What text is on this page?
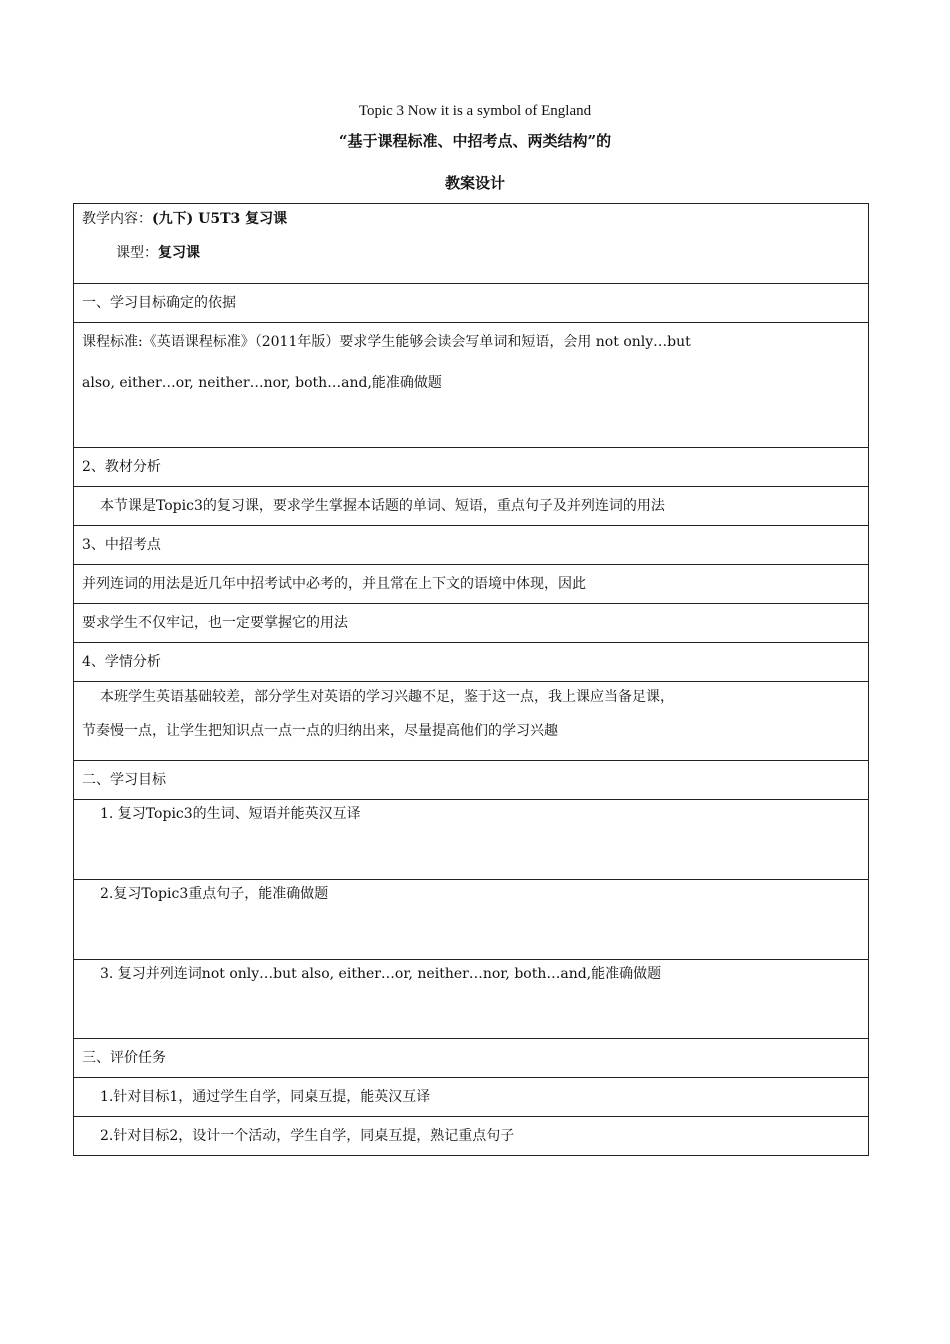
Topic 3 Now it is a symbol of England
“基于课程标准、中招考点、两类结构”的
教案设计

教学内容：(九下) U5T3 复习课

课型：复习课

一、学习目标确定的依据

课程标准:《英语课程标准》（2011年版）要求学生能够会读会写单词和短语，会用 not only…but

also, either…or, neither…nor, both…and,能准确做题

2、教材分析
本节课是Topic3的复习课，要求学生掌握本话题的单词、短语，重点句子及并列连词的用法
3、中招考点
并列连词的用法是近几年中招考试中必考的，并且常在上下文的语境中体现，因此
要求学生不仅牢记，也一定要掌握它的用法
4、学情分析

本班学生英语基础较差，部分学生对英语的学习兴趣不足，鉴于这一点，我上课应当备足课，

节奏慢一点，让学生把知识点一点一点的归纳出来，尽量提高他们的学习兴趣

二、学习目标
1. 复习Topic3的生词、短语并能英汉互译
2.复习Topic3重点句子，能准确做题
3. 复习并列连词not only…but also, either…or, neither…nor, both…and,能准确做题
三、评价任务
1.针对目标1，通过学生自学，同桌互提，能英汉互译
2.针对目标2，设计一个活动，学生自学，同桌互提，熟记重点句子
